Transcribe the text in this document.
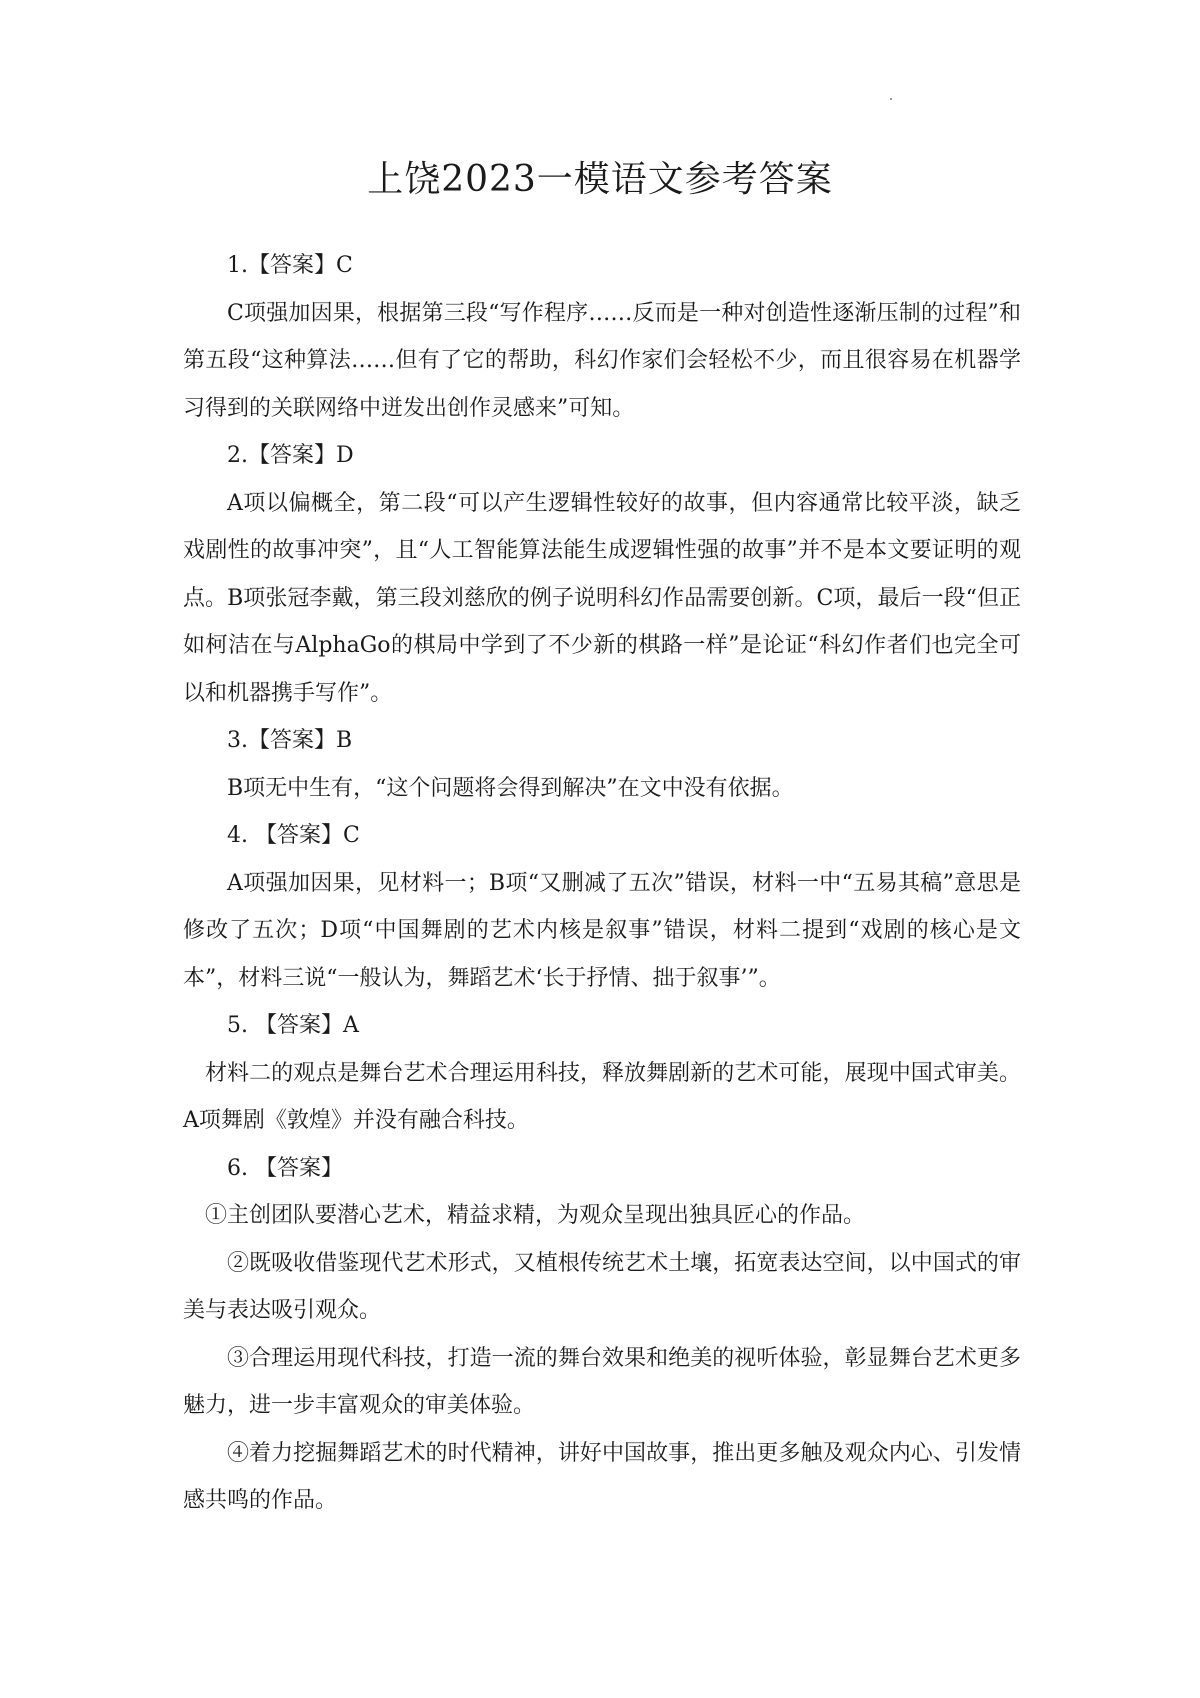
上饶2023一模语文参考答案

1.【答案】C

C项强加因果，根据第三段“写作程序……反而是一种对创造性逐渐压制的过程”和第五段“这种算法……但有了它的帮助，科幻作家们会轻松不少，而且很容易在机器学习得到的关联网络中迸发出创作灵感来”可知。

2.【答案】D

A项以偏概全，第二段“可以产生逻辑性较好的故事，但内容通常比较平淡，缺乏戏剧性的故事冲突”，且“人工智能算法能生成逻辑性强的故事”并不是本文要证明的观点。B项张冠李戴，第三段刘慈欣的例子说明科幻作品需要创新。C项，最后一段“但正如柯洁在与AlphaGo的棋局中学到了不少新的棋路一样”是论证“科幻作者们也完全可以和机器携手写作”。

3.【答案】B

B项无中生有，“这个问题将会得到解决”在文中没有依据。

4. 【答案】C

A项强加因果，见材料一；B项“又删减了五次”错误，材料一中“五易其稿”意思是修改了五次；D项“中国舞剧的艺术内核是叙事”错误，材料二提到“戏剧的核心是文本”，材料三说“一般认为，舞蹈艺术‘长于抒情、拙于叙事’”。

5. 【答案】A

材料二的观点是舞台艺术合理运用科技，释放舞剧新的艺术可能，展现中国式审美。A项舞剧《敦煌》并没有融合科技。

6. 【答案】

①主创团队要潜心艺术，精益求精，为观众呈现出独具匠心的作品。

②既吸收借鉴现代艺术形式，又植根传统艺术土壤，拓宽表达空间，以中国式的审美与表达吸引观众。

③合理运用现代科技，打造一流的舞台效果和绝美的视听体验，彰显舞台艺术更多魅力，进一步丰富观众的审美体验。

④着力挖掘舞蹈艺术的时代精神，讲好中国故事，推出更多触及观众内心、引发情感共鸣的作品。
